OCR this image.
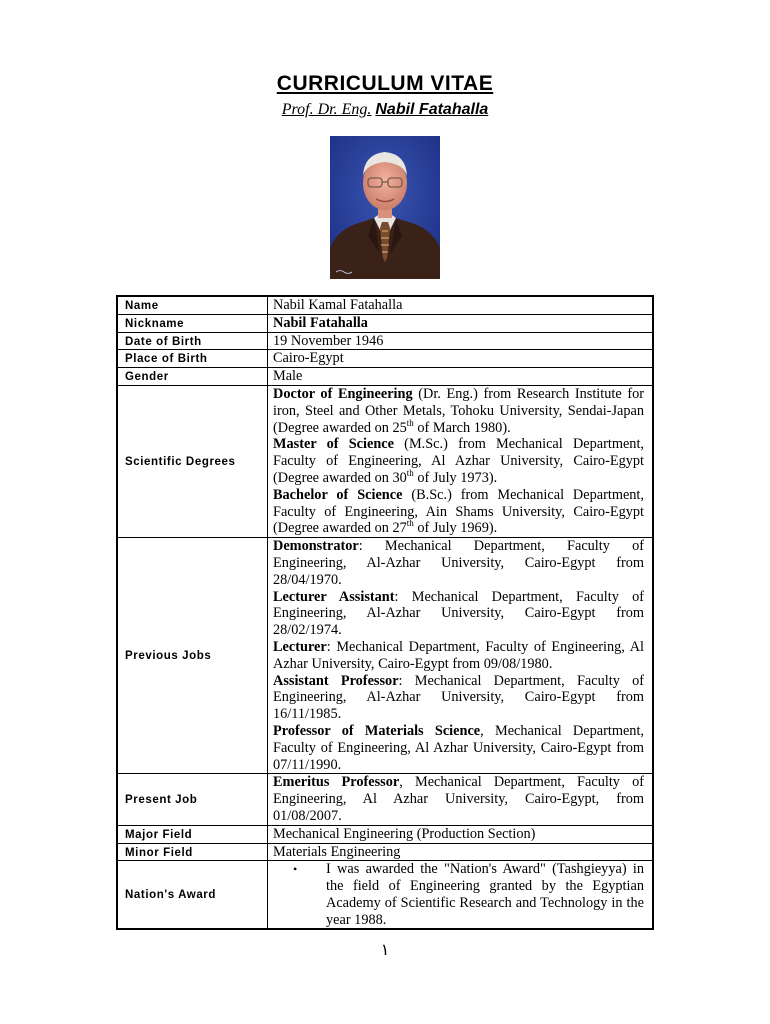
CURRICULUM VITAE
Prof. Dr. Eng. Nabil Fatahalla
Name	Nabil Kamal Fatahalla
Nickname	Nabil Fatahalla
Date of Birth	19 November 1946
Place of Birth	Cairo-Egypt
Gender	Male
Scientific Degrees	Doctor of Engineering (Dr. Eng.) from Research Institute for iron, Steel and Other Metals, Tohoku University, Sendai-Japan (Degree awarded on 25th of March 1980).

Master of Science (M.Sc.) from Mechanical Department, Faculty of Engineering, Al Azhar University, Cairo-Egypt (Degree awarded on 30th of July 1973).

Bachelor of Science (B.Sc.) from Mechanical Department, Faculty of Engineering, Ain Shams University, Cairo-Egypt (Degree awarded on 27th of July 1969).

Previous Jobs	Demonstrator: Mechanical Department, Faculty of Engineering, Al-Azhar University, Cairo-Egypt from 28/04/1970.

Lecturer Assistant: Mechanical Department, Faculty of Engineering, Al-Azhar University, Cairo-Egypt from 28/02/1974.

Lecturer: Mechanical Department, Faculty of Engineering, Al Azhar University, Cairo-Egypt from 09/08/1980.

Assistant Professor: Mechanical Department, Faculty of Engineering, Al-Azhar University, Cairo-Egypt from 16/11/1985.

Professor of Materials Science, Mechanical Department, Faculty of Engineering, Al Azhar University, Cairo-Egypt from 07/11/1990.

Present Job	Emeritus Professor, Mechanical Department, Faculty of Engineering, Al Azhar University, Cairo-Egypt, from 01/08/2007.

Major Field	Mechanical Engineering (Production Section)
Minor Field	Materials Engineering
Nation's Award	• I was awarded the "Nation's Award" (Tashgieyya) in the field of Engineering granted by the Egyptian Academy of Scientific Research and Technology in the year 1988.
١
